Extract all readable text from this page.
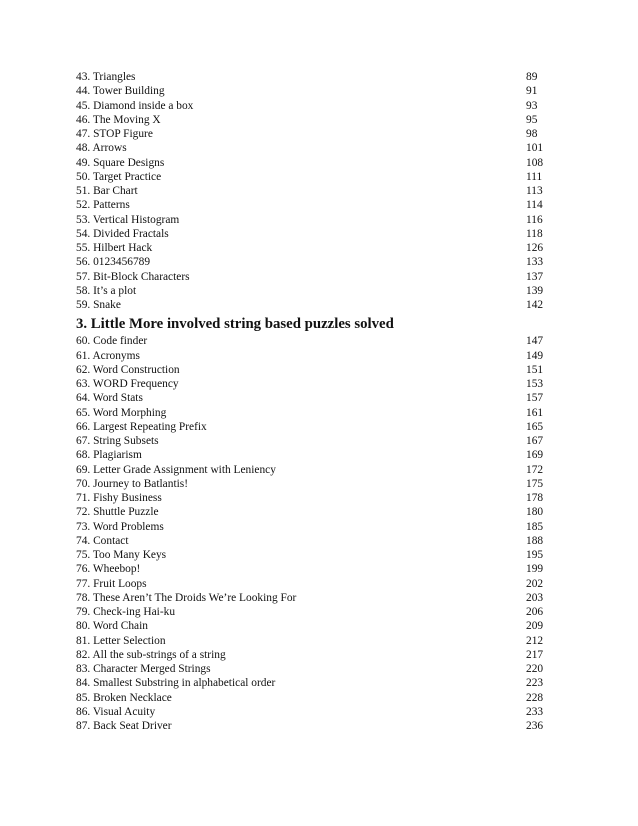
43. Triangles	89
44. Tower Building	91
45. Diamond inside a box	93
46. The Moving X	95
47. STOP Figure	98
48. Arrows	101
49. Square Designs	108
50. Target Practice	111
51. Bar Chart	113
52. Patterns	114
53. Vertical Histogram	116
54. Divided Fractals	118
55. Hilbert Hack	126
56. 0123456789	133
57. Bit-Block Characters	137
58. It’s a plot	139
59. Snake	142
3. Little More involved string based puzzles solved
60. Code finder	147
61. Acronyms	149
62. Word Construction	151
63. WORD Frequency	153
64. Word Stats	157
65. Word Morphing	161
66. Largest Repeating Prefix	165
67. String Subsets	167
68. Plagiarism	169
69. Letter Grade Assignment with Leniency	172
70. Journey to Batlantis!	175
71. Fishy Business	178
72. Shuttle Puzzle	180
73. Word Problems	185
74. Contact	188
75. Too Many Keys	195
76. Wheebop!	199
77. Fruit Loops	202
78. These Aren’t The Droids We’re Looking For	203
79. Check-ing Hai-ku	206
80. Word Chain	209
81. Letter Selection	212
82. All the sub-strings of a string	217
83. Character Merged Strings	220
84. Smallest Substring in alphabetical order	223
85. Broken Necklace	228
86. Visual Acuity	233
87. Back Seat Driver	236
